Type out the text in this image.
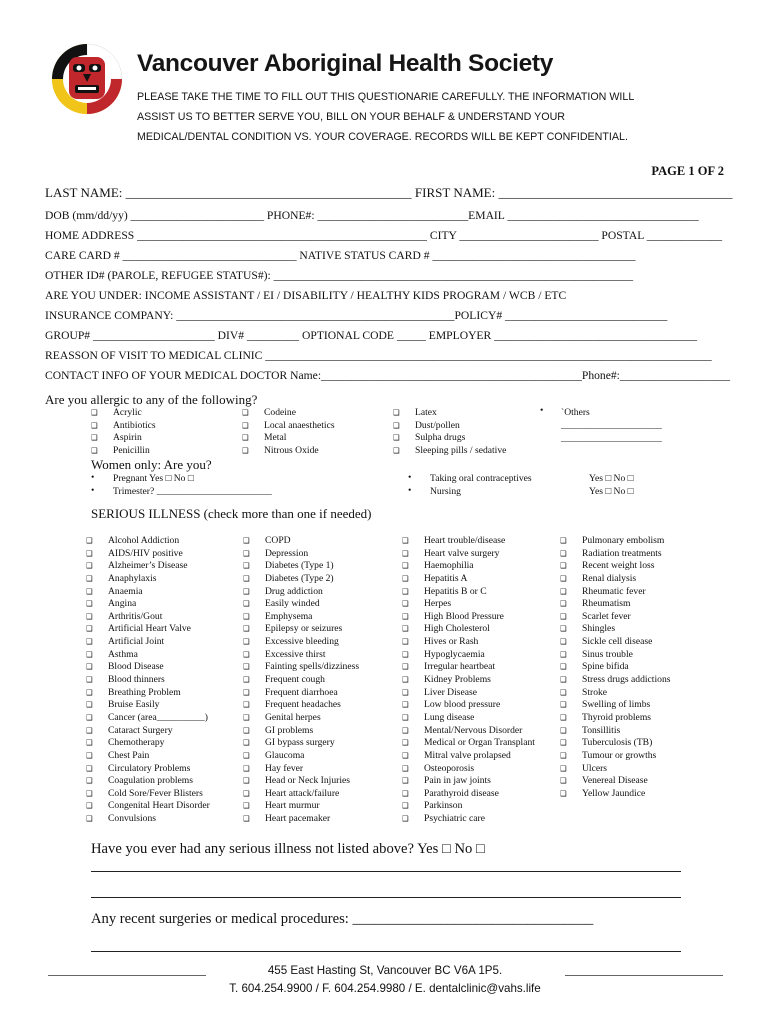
Vancouver Aboriginal Health Society
PLEASE TAKE THE TIME TO FILL OUT THIS QUESTIONARIE CAREFULLY. THE INFORMATION WILL ASSIST US TO BETTER SERVE YOU, BILL ON YOUR BEHALF & UNDERSTAND YOUR MEDICAL/DENTAL CONDITION VS. YOUR COVERAGE. RECORDS WILL BE KEPT CONFIDENTIAL.
PAGE 1 OF 2
LAST NAME: ____________________________________________ FIRST NAME: ____________________________________
DOB (mm/dd/yy) _______________________ PHONE#: __________________________EMAIL _________________________________
HOME ADDRESS __________________________________________________ CITY ________________________ POSTAL _____________
CARE CARD # ______________________________ NATIVE STATUS CARD # ___________________________________
OTHER ID# (PAROLE, REFUGEE STATUS#): ______________________________________________________________
ARE YOU UNDER: INCOME ASSISTANT / EI / DISABILITY / HEALTHY KIDS PROGRAM / WCB / ETC
INSURANCE COMPANY: ________________________________________________POLICY# ____________________________
GROUP# _____________________ DIV# _________ OPTIONAL CODE _____ EMPLOYER ___________________________________
REASSON OF VISIT TO MEDICAL CLINIC _____________________________________________________________________________
CONTACT INFO OF YOUR MEDICAL DOCTOR Name:_____________________________________________Phone#:___________________
Are you allergic to any of the following?
❑	Acrylic
❑	Antibiotics
❑	Aspirin
❑	Penicillin
❑	Codeine
❑	Local anaesthetics
❑	Metal
❑	Nitrous Oxide
❑	Latex
❑	Dust/pollen
❑	Sulpha drugs
❑	Sleeping pills / sedative
• `Others
_____________________
_____________________
Women only: Are you?
• Pregnant Yes □ No □
• Trimester? ________________________
• Taking oral contraceptives
• Nursing
Yes □ No □
Yes □ No □
SERIOUS ILLNESS (check more than one if needed)
❑	Alcohol Addiction
❑	AIDS/HIV positive
❑	Alzheimer’s Disease
❑	Anaphylaxis
❑	Anaemia
❑	Angina
❑	Arthritis/Gout
❑	Artificial Heart Valve
❑	Artificial Joint
❑	Asthma
❑	Blood Disease
❑	Blood thinners
❑	Breathing Problem
❑	Bruise Easily
❑	Cancer (area__________)
❑	Cataract Surgery
❑	Chemotherapy
❑	Chest Pain
❑	Circulatory Problems
❑	Coagulation problems
❑	Cold Sore/Fever Blisters
❑	Congenital Heart Disorder
❑	Convulsions
❑	COPD
❑	Depression
❑	Diabetes (Type 1)
❑	Diabetes (Type 2)
❑	Drug addiction
❑	Easily winded
❑	Emphysema
❑	Epilepsy or seizures
❑	Excessive bleeding
❑	Excessive thirst
❑	Fainting spells/dizziness
❑	Frequent cough
❑	Frequent diarrhoea
❑	Frequent headaches
❑	Genital herpes
❑	GI problems
❑	GI bypass surgery
❑	Glaucoma
❑	Hay fever
❑	Head or Neck Injuries
❑	Heart attack/failure
❑	Heart murmur
❑	Heart pacemaker
❑	Heart trouble/disease
❑	Heart valve surgery
❑	Haemophilia
❑	Hepatitis A
❑	Hepatitis B or C
❑	Herpes
❑	High Blood Pressure
❑	High Cholesterol
❑	Hives or Rash
❑	Hypoglycaemia
❑	Irregular heartbeat
❑	Kidney Problems
❑	Liver Disease
❑	Low blood pressure
❑	Lung disease
❑	Mental/Nervous Disorder
❑	Medical or Organ Transplant
❑	Mitral valve prolapsed
❑	Osteoporosis
❑	Pain in jaw joints
❑	Parathyroid disease
❑	Parkinson
❑	Psychiatric care
❑	Pulmonary embolism
❑	Radiation treatments
❑	Recent weight loss
❑	Renal dialysis
❑	Rheumatic fever
❑	Rheumatism
❑	Scarlet fever
❑	Shingles
❑	Sickle cell disease
❑	Sinus trouble
❑	Spine bifida
❑	Stress drugs addictions
❑	Stroke
❑	Swelling of limbs
❑	Thyroid problems
❑	Tonsillitis
❑	Tuberculosis (TB)
❑	Tumour or growths
❑	Ulcers
❑	Venereal Disease
❑	Yellow Jaundice
Have you ever had any serious illness not listed above? Yes □ No □
Any recent surgeries or medical procedures: _________________________________
455 East Hasting St, Vancouver BC V6A 1P5.
T. 604.254.9900 / F. 604.254.9980 / E. dentalclinic@vahs.life
